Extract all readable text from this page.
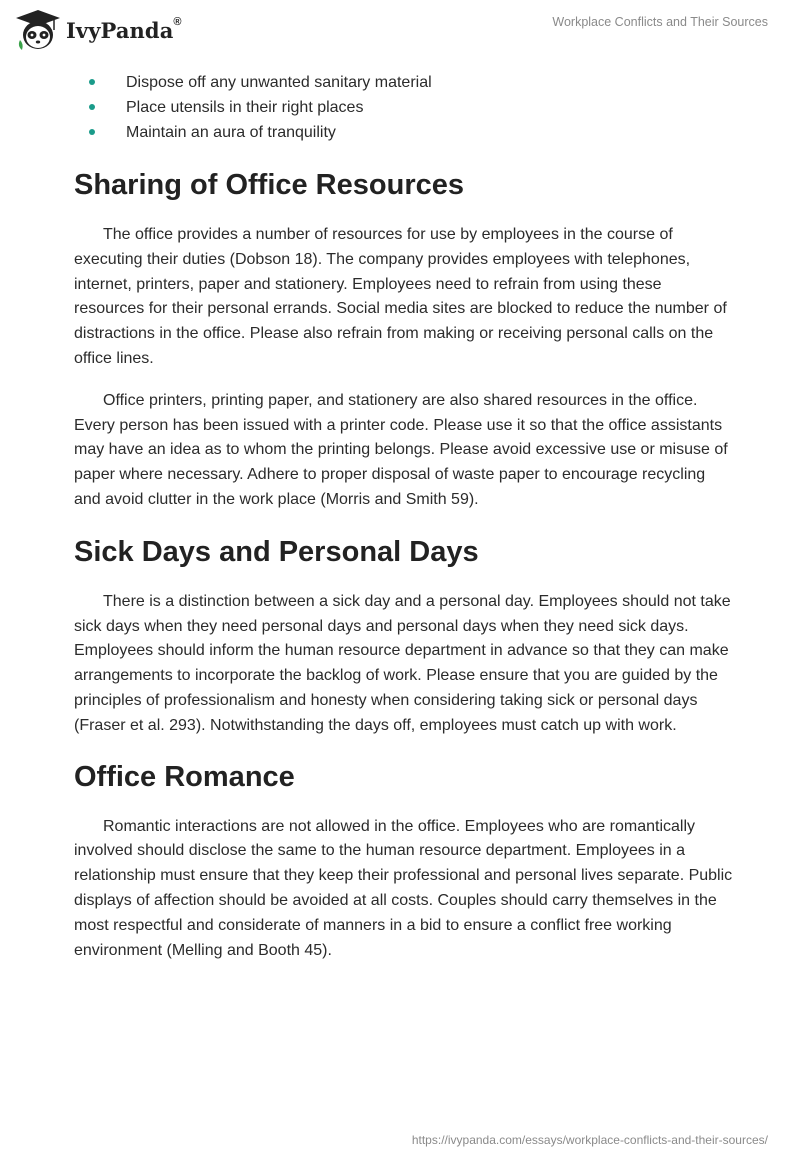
IvyPanda®	Workplace Conflicts and Their Sources
Dispose off any unwanted sanitary material
Place utensils in their right places
Maintain an aura of tranquility
Sharing of Office Resources

The office provides a number of resources for use by employees in the course of executing their duties (Dobson 18). The company provides employees with telephones, internet, printers, paper and stationery. Employees need to refrain from using these resources for their personal errands. Social media sites are blocked to reduce the number of distractions in the office. Please also refrain from making or receiving personal calls on the office lines.

Office printers, printing paper, and stationery are also shared resources in the office. Every person has been issued with a printer code. Please use it so that the office assistants may have an idea as to whom the printing belongs. Please avoid excessive use or misuse of paper where necessary. Adhere to proper disposal of waste paper to encourage recycling and avoid clutter in the work place (Morris and Smith 59).

Sick Days and Personal Days

There is a distinction between a sick day and a personal day. Employees should not take sick days when they need personal days and personal days when they need sick days. Employees should inform the human resource department in advance so that they can make arrangements to incorporate the backlog of work. Please ensure that you are guided by the principles of professionalism and honesty when considering taking sick or personal days (Fraser et al. 293). Notwithstanding the days off, employees must catch up with work.

Office Romance

Romantic interactions are not allowed in the office. Employees who are romantically involved should disclose the same to the human resource department. Employees in a relationship must ensure that they keep their professional and personal lives separate. Public displays of affection should be avoided at all costs. Couples should carry themselves in the most respectful and considerate of manners in a bid to ensure a conflict free working environment (Melling and Booth 45).

https://ivypanda.com/essays/workplace-conflicts-and-their-sources/
